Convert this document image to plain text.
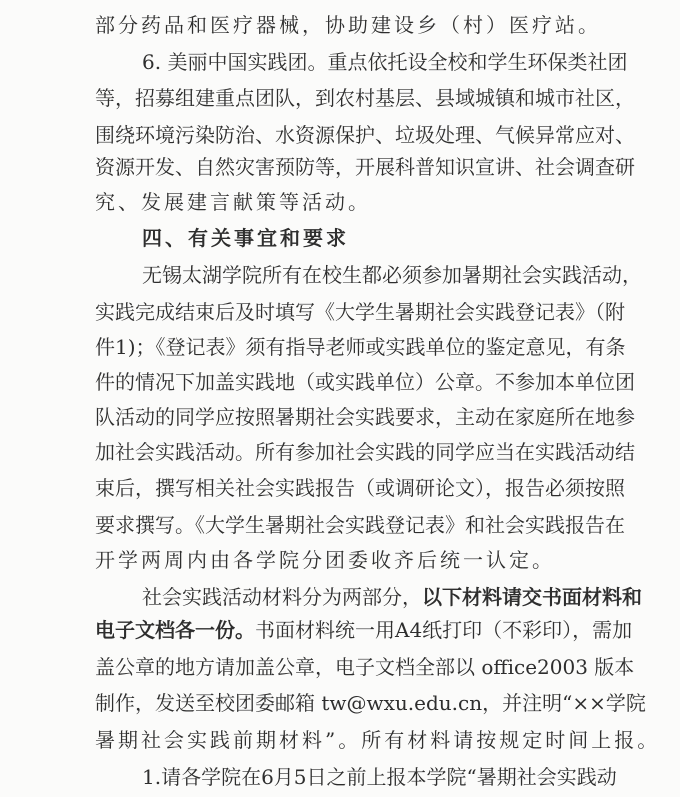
部分药品和医疗器械，协助建设乡（村）医疗站。
6. 美丽中国实践团。重点依托设全校和学生环保类社团
等，招募组建重点团队，到农村基层、县域城镇和城市社区，
围绕环境污染防治、水资源保护、垃圾处理、气候异常应对、
资源开发、自然灾害预防等，开展科普知识宣讲、社会调查研
究、发展建言献策等活动。
四、有关事宜和要求
无锡太湖学院所有在校生都必须参加暑期社会实践活动，
实践完成结束后及时填写《大学生暑期社会实践登记表》（附
件1)；《登记表》须有指导老师或实践单位的鉴定意见，有条
件的情况下加盖实践地（或实践单位）公章。不参加本单位团
队活动的同学应按照暑期社会实践要求，主动在家庭所在地参
加社会实践活动。所有参加社会实践的同学应当在实践活动结
束后，撰写相关社会实践报告（或调研论文），报告必须按照
要求撰写。《大学生暑期社会实践登记表》和社会实践报告在
开学两周内由各学院分团委收齐后统一认定。
社会实践活动材料分为两部分，以下材料请交书面材料和
电子文档各一份。书面材料统一用A4纸打印（不彩印），需加
盖公章的地方请加盖公章，电子文档全部以 office2003 版本
制作，发送至校团委邮箱 tw@wxu.edu.cn，并注明“××学院
暑期社会实践前期材料”。所有材料请按规定时间上报。
1.请各学院在6月5日之前上报本学院“暑期社会实践动
